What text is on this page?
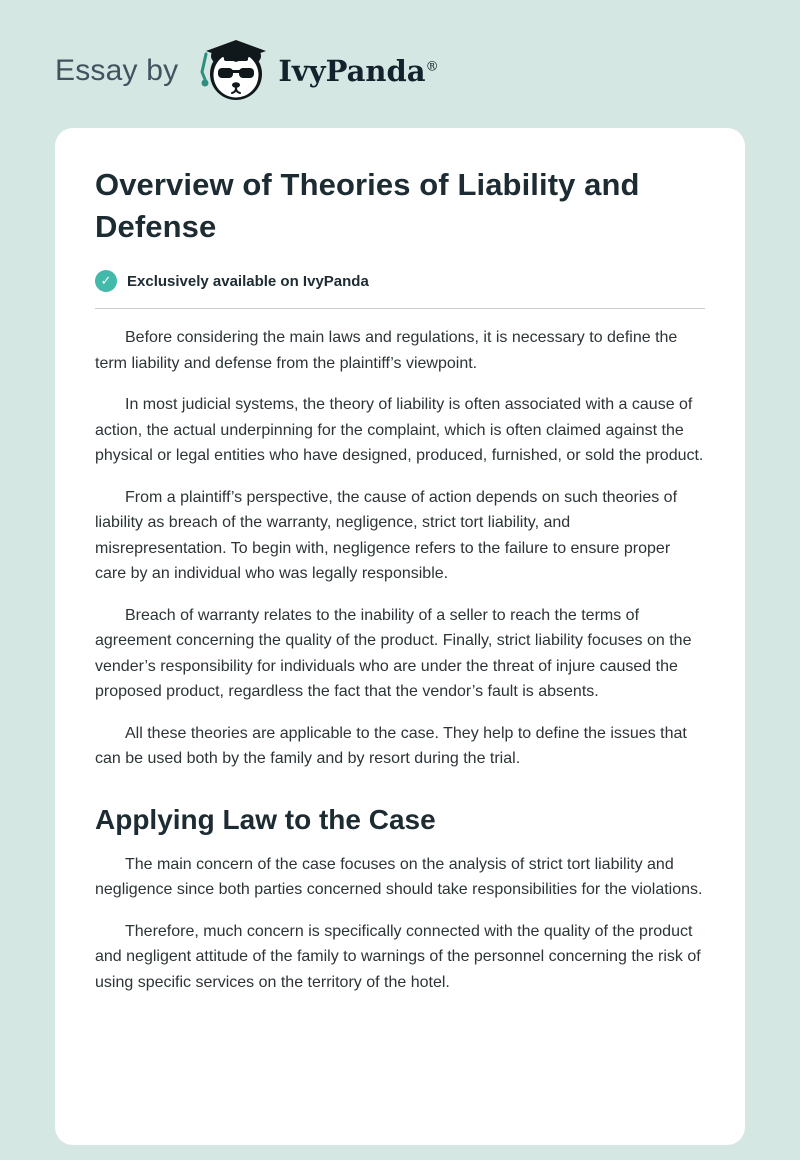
Essay by	IvyPanda®
Overview of Theories of Liability and Defense
✓	Exclusively available on IvyPanda

Before considering the main laws and regulations, it is necessary to define the term liability and defense from the plaintiff’s viewpoint.

In most judicial systems, the theory of liability is often associated with a cause of action, the actual underpinning for the complaint, which is often claimed against the physical or legal entities who have designed, produced, furnished, or sold the product.

From a plaintiff’s perspective, the cause of action depends on such theories of liability as breach of the warranty, negligence, strict tort liability, and misrepresentation. To begin with, negligence refers to the failure to ensure proper care by an individual who was legally responsible.

Breach of warranty relates to the inability of a seller to reach the terms of agreement concerning the quality of the product. Finally, strict liability focuses on the vender’s responsibility for individuals who are under the threat of injure caused the proposed product, regardless the fact that the vendor’s fault is absents.

All these theories are applicable to the case. They help to define the issues that can be used both by the family and by resort during the trial.

Applying Law to the Case

The main concern of the case focuses on the analysis of strict tort liability and negligence since both parties concerned should take responsibilities for the violations.

Therefore, much concern is specifically connected with the quality of the product and negligent attitude of the family to warnings of the personnel concerning the risk of using specific services on the territory of the hotel.
